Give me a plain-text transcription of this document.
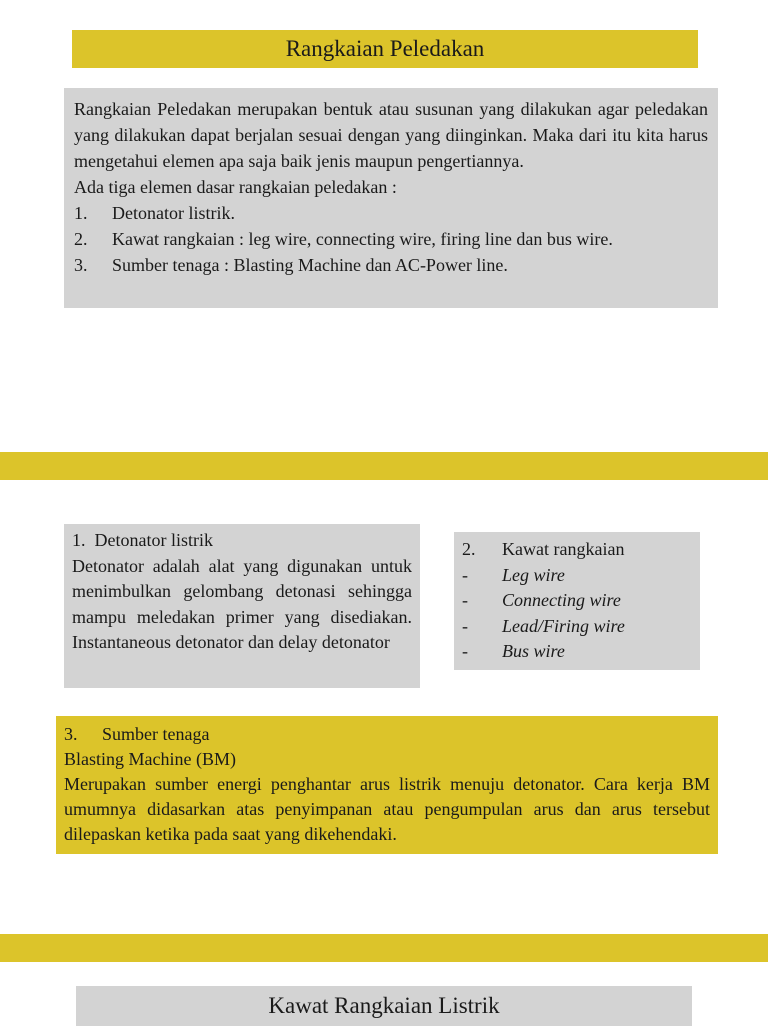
Rangkaian Peledakan
Rangkaian Peledakan merupakan bentuk atau susunan yang dilakukan agar peledakan yang dilakukan dapat berjalan sesuai dengan yang diinginkan. Maka dari itu kita harus mengetahui elemen apa saja baik jenis maupun pengertiannya.
Ada tiga elemen dasar rangkaian peledakan :
1.	Detonator listrik.
2.	Kawat rangkaian : leg wire, connecting wire, firing line dan bus wire.
3.	Sumber tenaga : Blasting Machine dan AC-Power line.
1.  Detonator listrik
Detonator adalah alat yang digunakan untuk menimbulkan gelombang detonasi sehingga mampu meledakan primer yang disediakan. Instantaneous detonator dan delay detonator
2.	Kawat rangkaian
-	Leg wire
-	Connecting wire
-	Lead/Firing wire
-	Bus wire
3.	Sumber tenaga
Blasting Machine (BM)
Merupakan sumber energi penghantar arus listrik menuju detonator. Cara kerja BM umumnya didasarkan atas penyimpanan atau pengumpulan arus dan arus tersebut dilepaskan ketika pada saat yang dikehendaki.
Kawat Rangkaian Listrik
